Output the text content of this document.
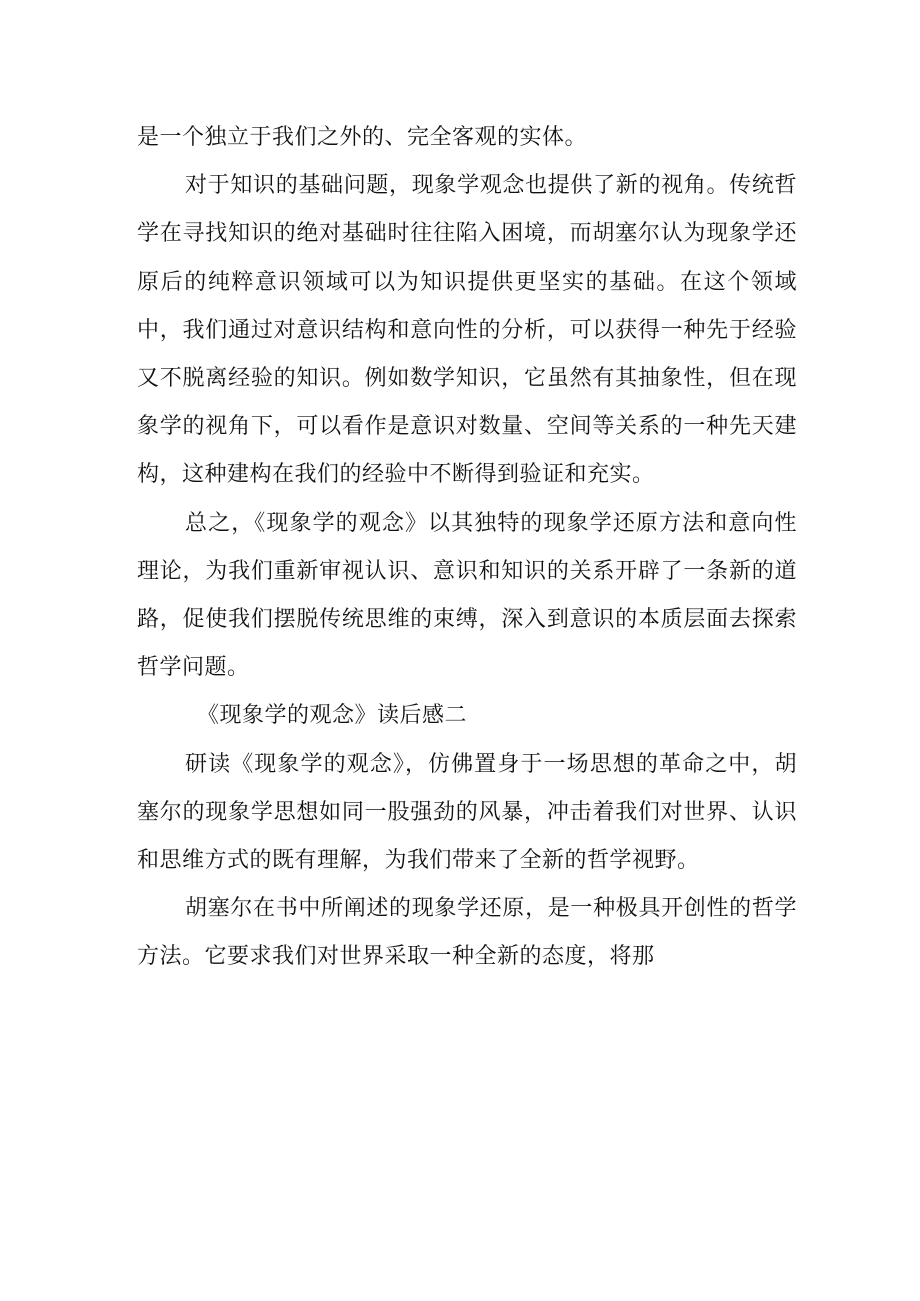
是一个独立于我们之外的、完全客观的实体。

对于知识的基础问题，现象学观念也提供了新的视角。传统哲学在寻找知识的绝对基础时往往陷入困境，而胡塞尔认为现象学还原后的纯粹意识领域可以为知识提供更坚实的基础。在这个领域中，我们通过对意识结构和意向性的分析，可以获得一种先于经验又不脱离经验的知识。例如数学知识，它虽然有其抽象性，但在现象学的视角下，可以看作是意识对数量、空间等关系的一种先天建构，这种建构在我们的经验中不断得到验证和充实。

总之，《现象学的观念》以其独特的现象学还原方法和意向性理论，为我们重新审视认识、意识和知识的关系开辟了一条新的道路，促使我们摆脱传统思维的束缚，深入到意识的本质层面去探索哲学问题。

《现象学的观念》读后感二

研读《现象学的观念》，仿佛置身于一场思想的革命之中，胡塞尔的现象学思想如同一股强劲的风暴，冲击着我们对世界、认识和思维方式的既有理解，为我们带来了全新的哲学视野。

胡塞尔在书中所阐述的现象学还原，是一种极具开创性的哲学方法。它要求我们对世界采取一种全新的态度，将那
